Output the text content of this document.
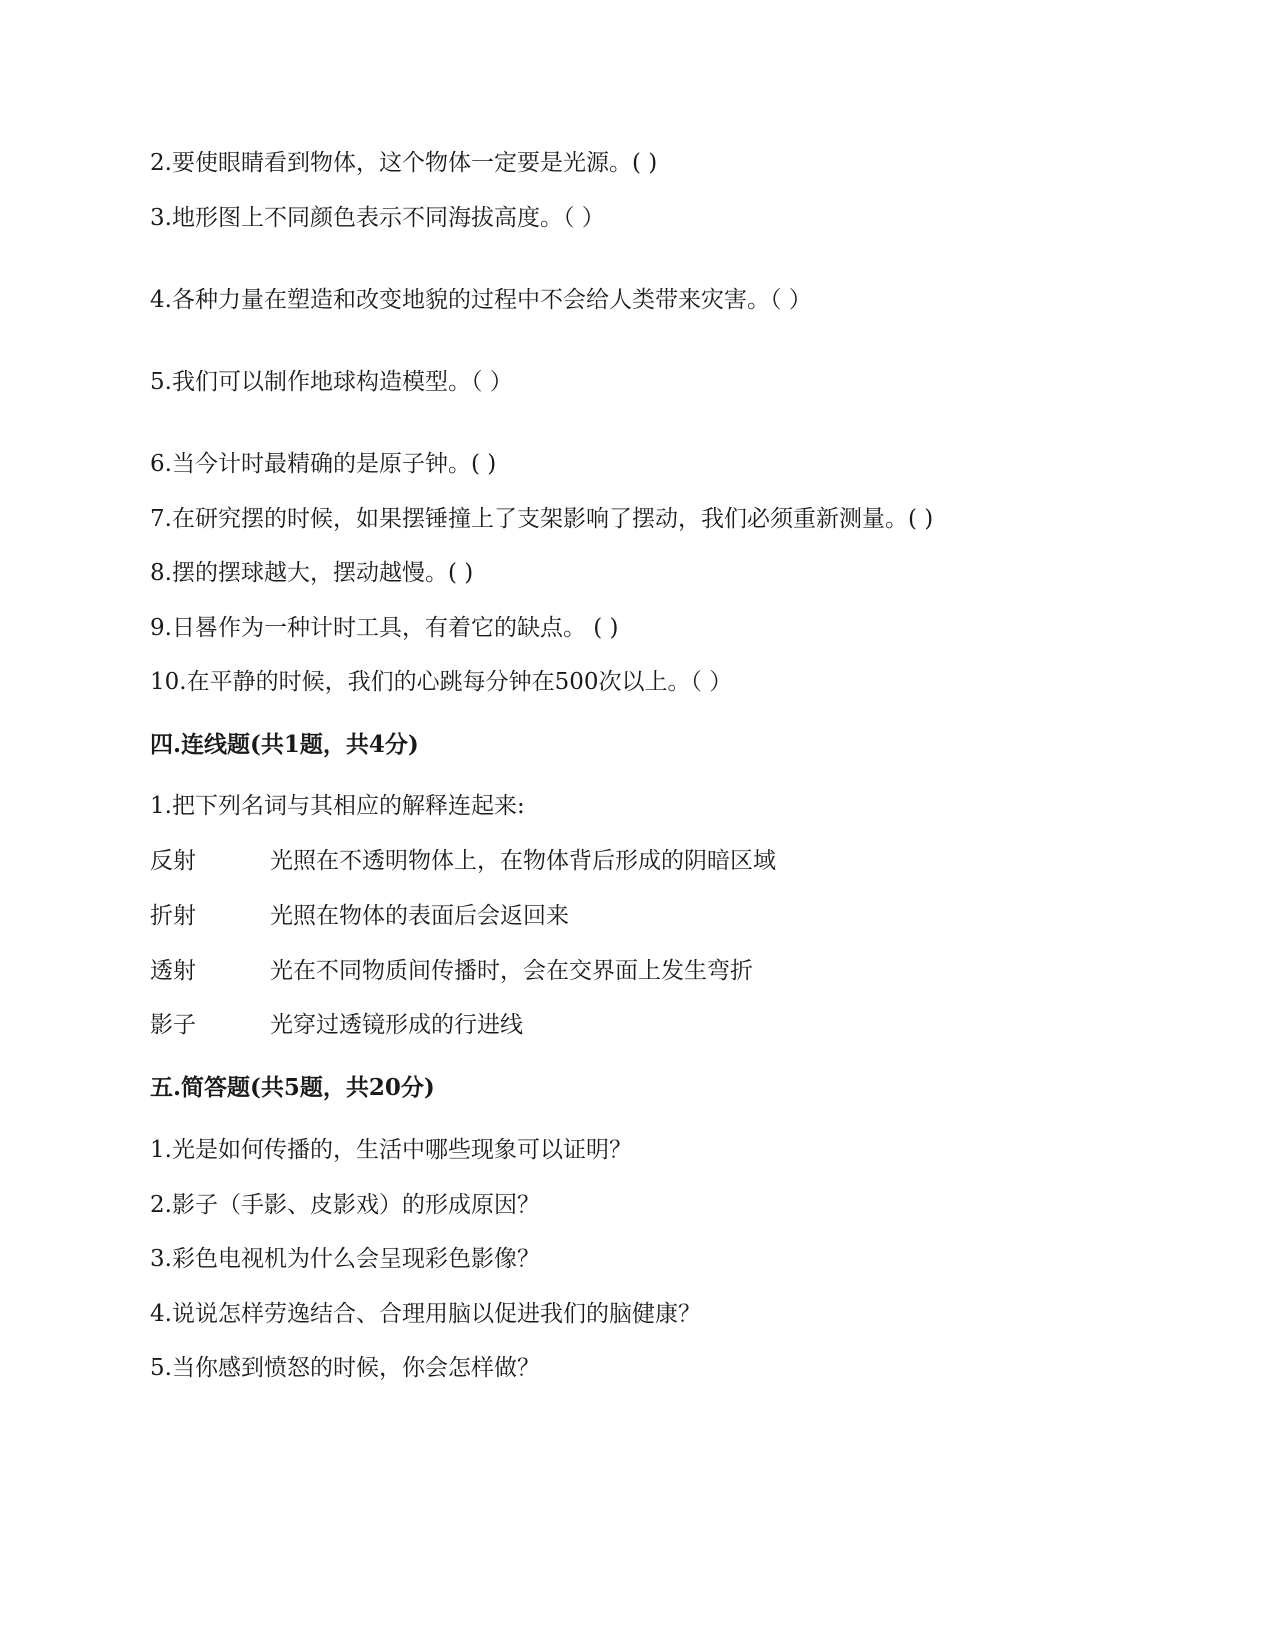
2.要使眼睛看到物体，这个物体一定要是光源。( )
3.地形图上不同颜色表示不同海拔高度。（ ）
4.各种力量在塑造和改变地貌的过程中不会给人类带来灾害。（ ）
5.我们可以制作地球构造模型。（ ）
6.当今计时最精确的是原子钟。( )
7.在研究摆的时候，如果摆锤撞上了支架影响了摆动，我们必须重新测量。( )
8.摆的摆球越大，摆动越慢。( )
9.日晷作为一种计时工具，有着它的缺点。 ( )
10.在平静的时候，我们的心跳每分钟在500次以上。（ ）
四.连线题(共1题，共4分)
1.把下列名词与其相应的解释连起来:
反射	光照在不透明物体上，在物体背后形成的阴暗区域
折射	光照在物体的表面后会返回来
透射	光在不同物质间传播时，会在交界面上发生弯折
影子	光穿过透镜形成的行进线
五.简答题(共5题，共20分)
1.光是如何传播的，生活中哪些现象可以证明？
2.影子（手影、皮影戏）的形成原因？
3.彩色电视机为什么会呈现彩色影像？
4.说说怎样劳逸结合、合理用脑以促进我们的脑健康？
5.当你感到愤怒的时候，你会怎样做？
